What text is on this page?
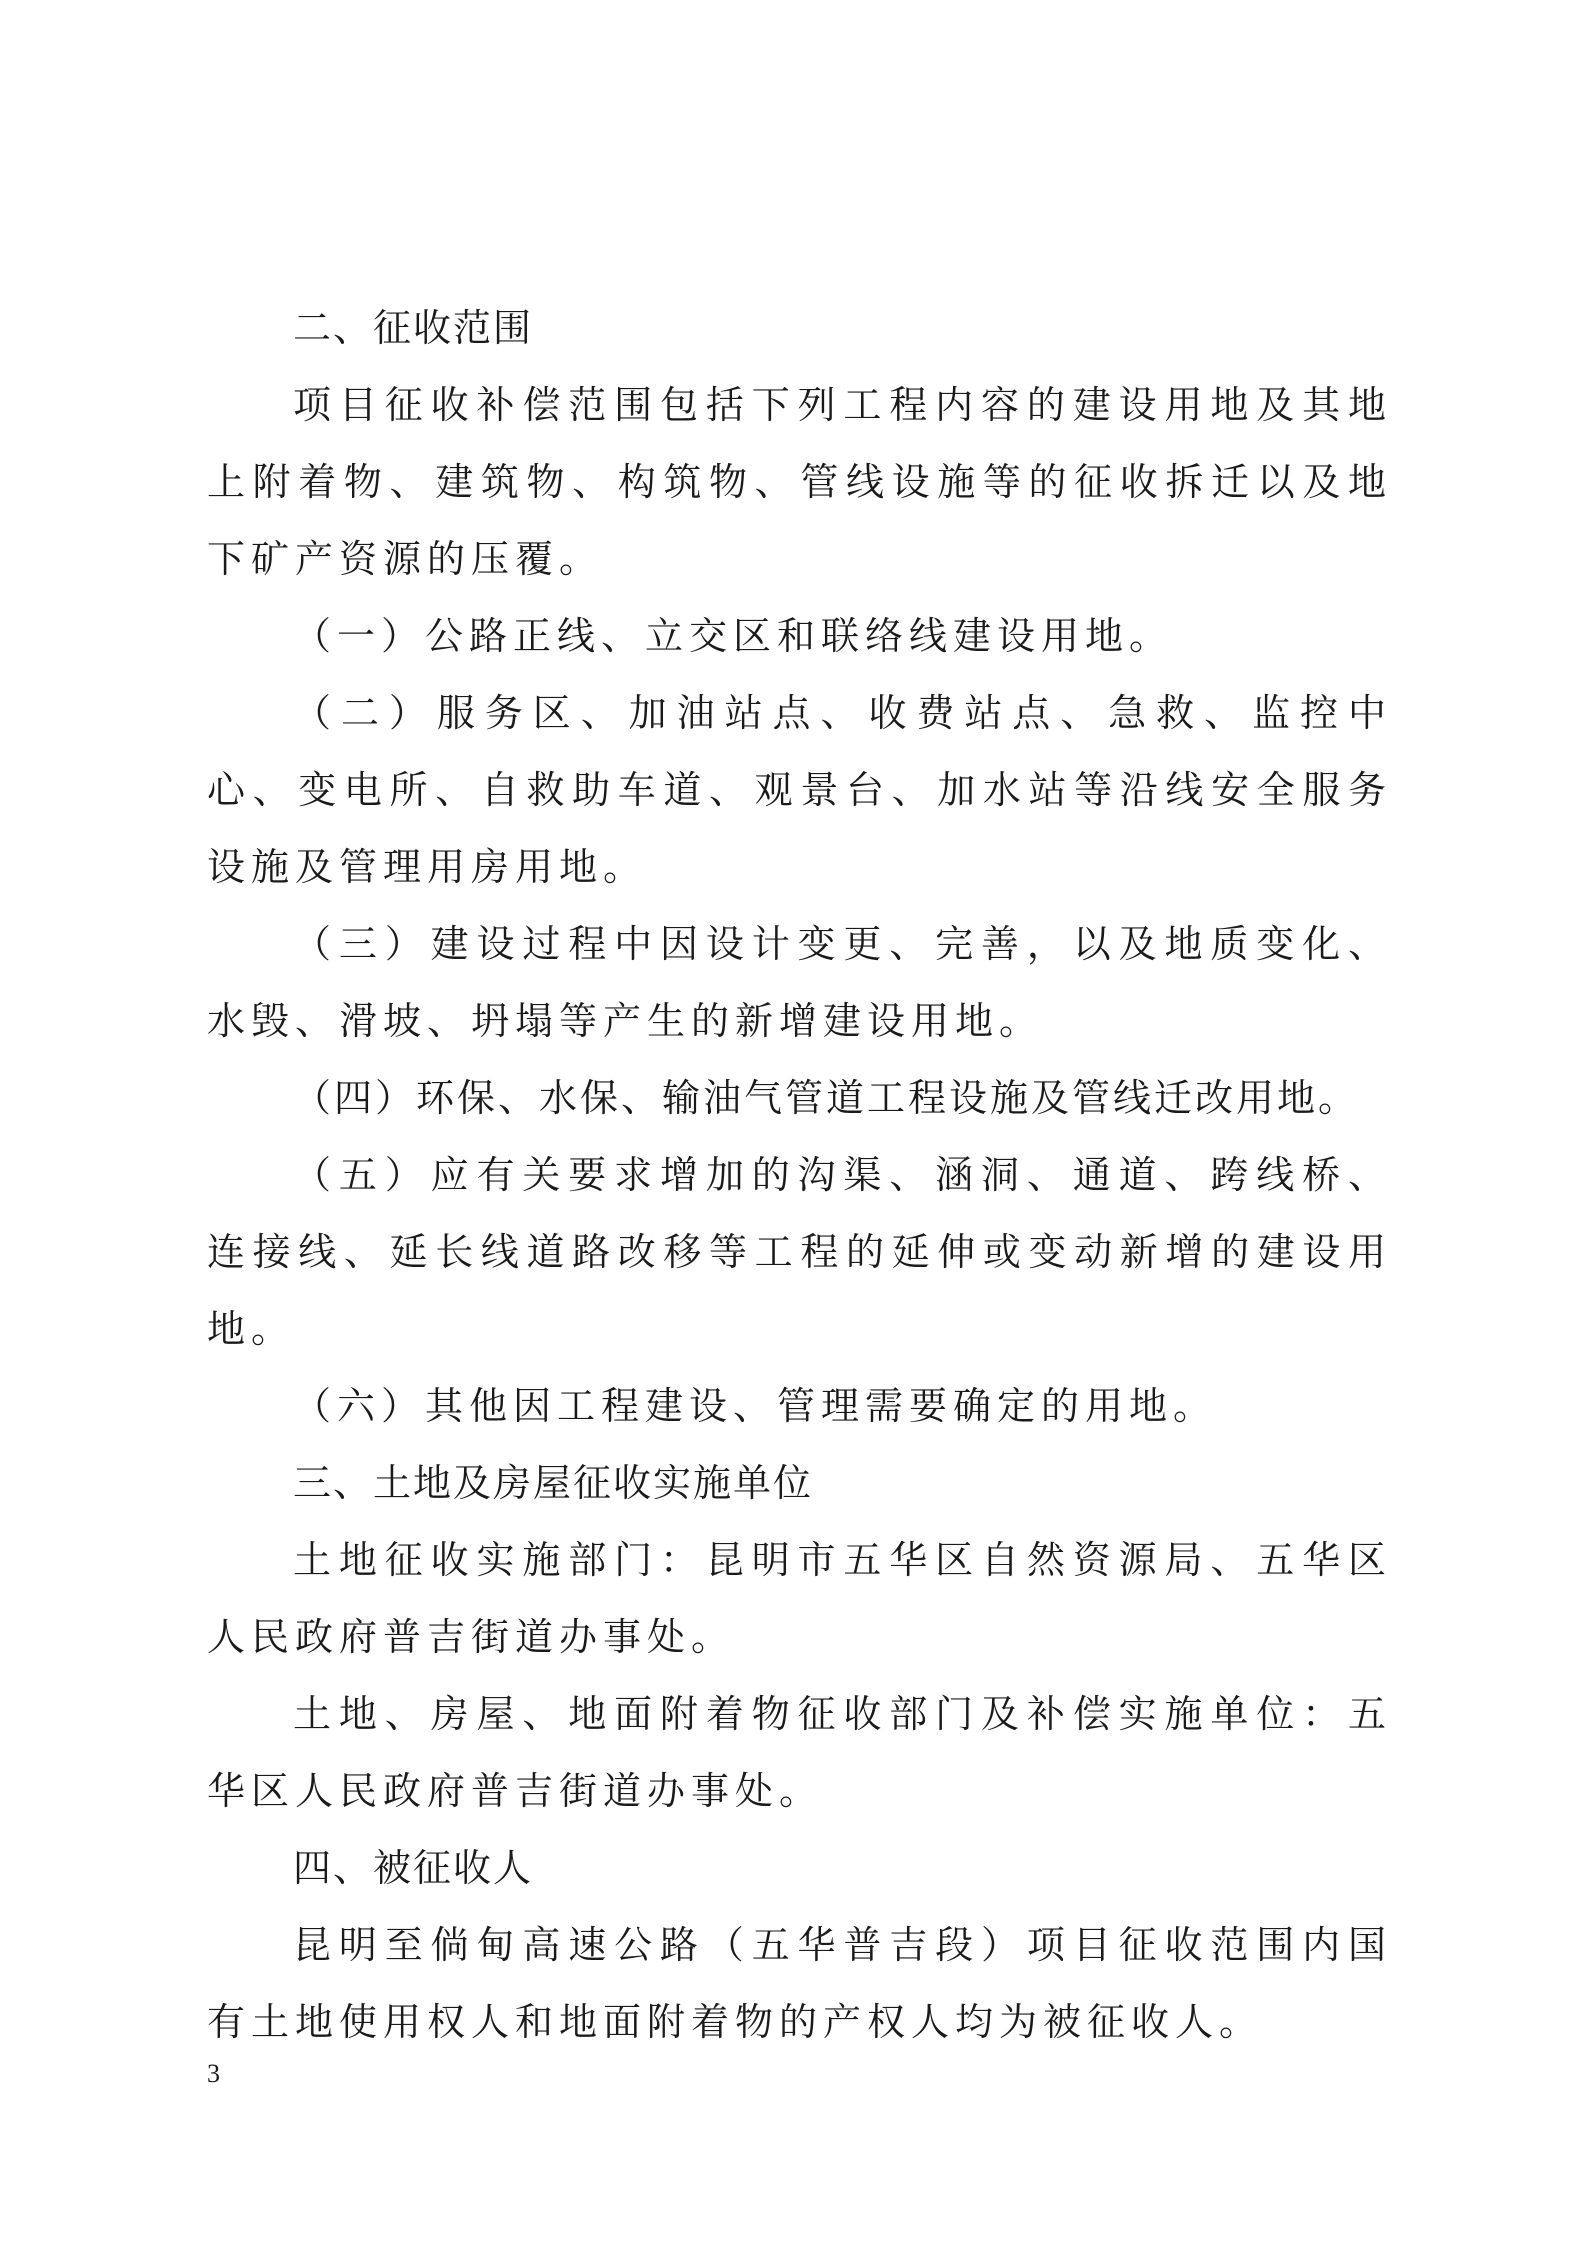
二、征收范围

项目征收补偿范围包括下列工程内容的建设用地及其地上附着物、建筑物、构筑物、管线设施等的征收拆迁以及地下矿产资源的压覆。

（一）公路正线、立交区和联络线建设用地。

（二）服务区、加油站点、收费站点、急救、监控中心、变电所、自救助车道、观景台、加水站等沿线安全服务设施及管理用房用地。

（三）建设过程中因设计变更、完善，以及地质变化、水毁、滑坡、坍塌等产生的新增建设用地。

（四）环保、水保、输油气管道工程设施及管线迁改用地。

（五）应有关要求增加的沟渠、涵洞、通道、跨线桥、连接线、延长线道路改移等工程的延伸或变动新增的建设用地。

（六）其他因工程建设、管理需要确定的用地。

三、土地及房屋征收实施单位

土地征收实施部门：昆明市五华区自然资源局、五华区人民政府普吉街道办事处。

土地、房屋、地面附着物征收部门及补偿实施单位：五华区人民政府普吉街道办事处。

四、被征收人

昆明至倘甸高速公路（五华普吉段）项目征收范围内国有土地使用权人和地面附着物的产权人均为被征收人。

3
